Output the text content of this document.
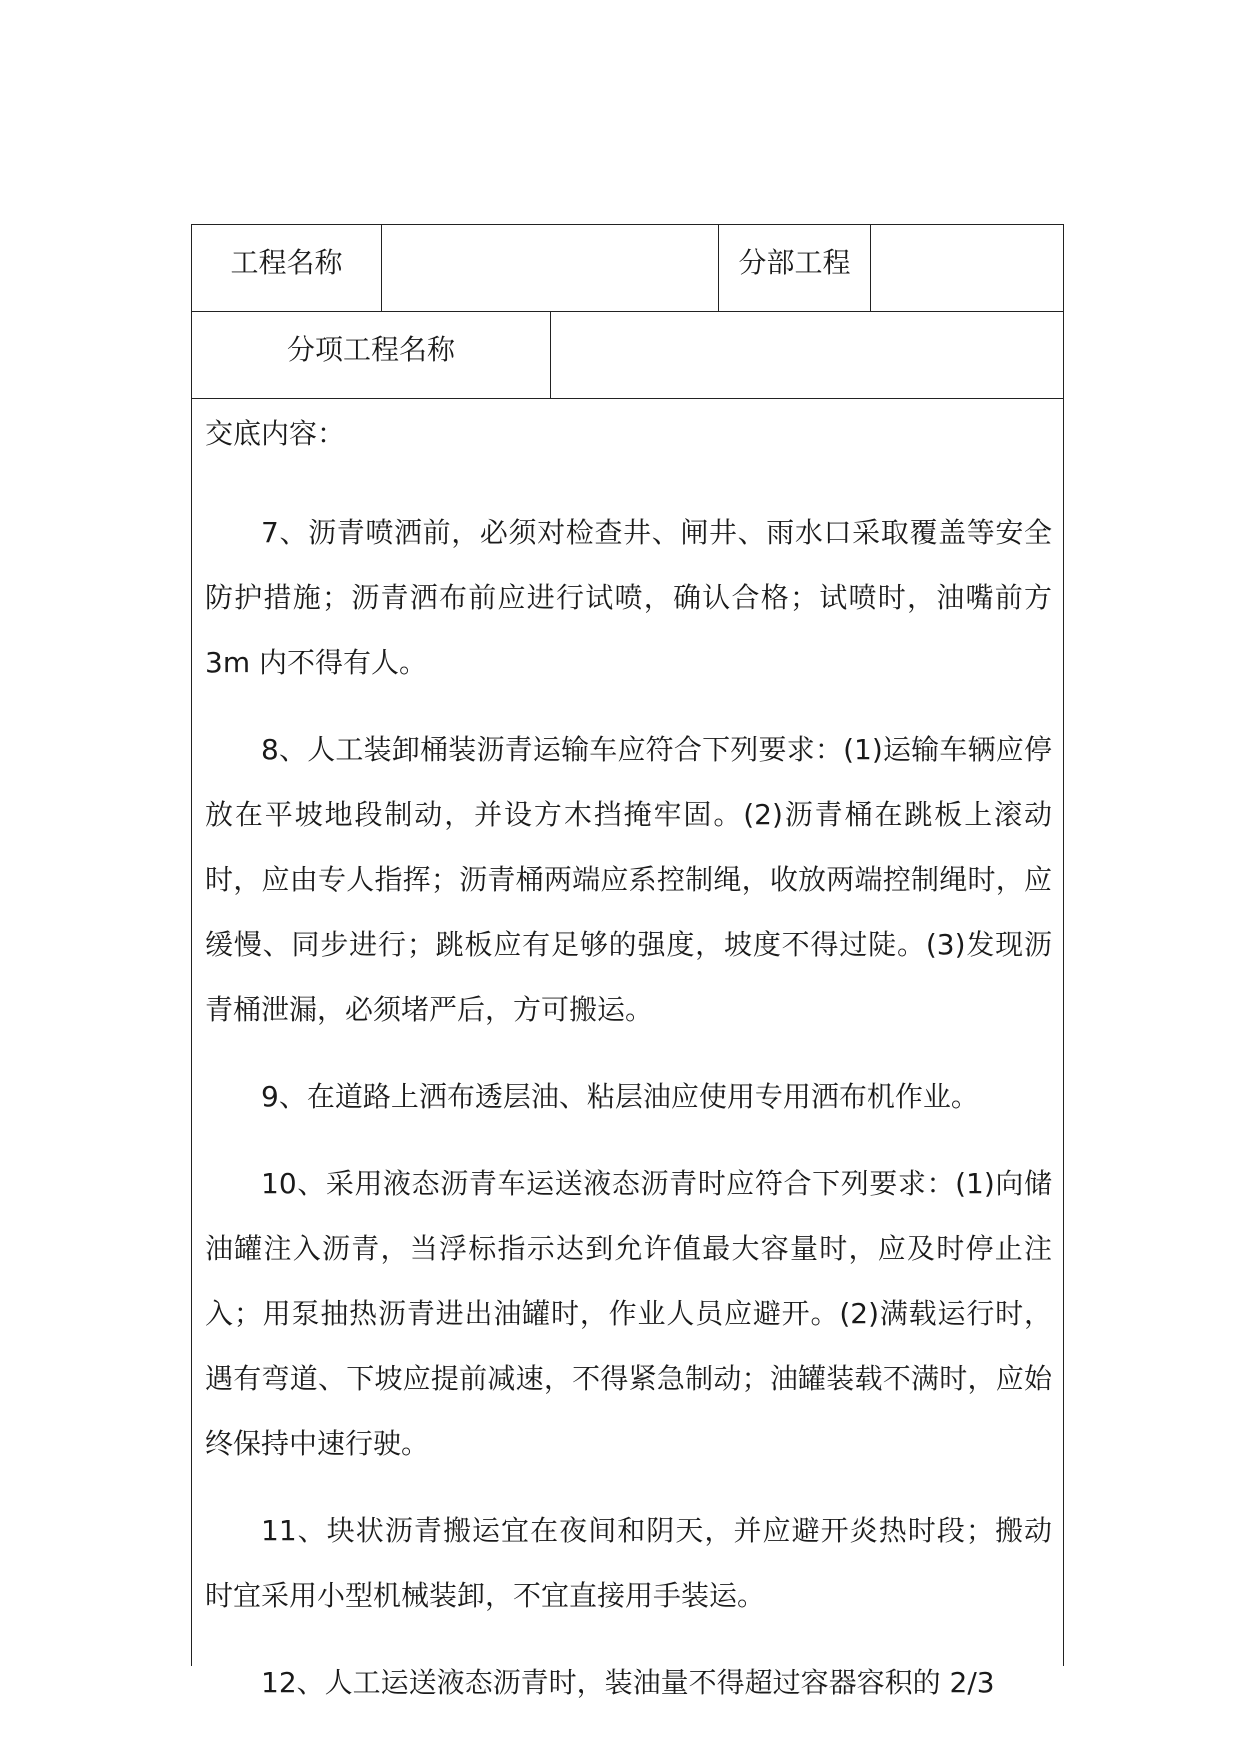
工程名称	分部工程
分项工程名称
交底内容：

7、沥青喷洒前，必须对检查井、闸井、雨水口采取覆盖等安全防护措施；沥青洒布前应进行试喷，确认合格；试喷时，油嘴前方 3m 内不得有人。

8、人工装卸桶装沥青运输车应符合下列要求：(1)运输车辆应停放在平坡地段制动，并设方木挡掩牢固。(2)沥青桶在跳板上滚动时，应由专人指挥；沥青桶两端应系控制绳，收放两端控制绳时，应缓慢、同步进行；跳板应有足够的强度，坡度不得过陡。(3)发现沥青桶泄漏，必须堵严后，方可搬运。

9、在道路上洒布透层油、粘层油应使用专用洒布机作业。

10、采用液态沥青车运送液态沥青时应符合下列要求：(1)向储油罐注入沥青，当浮标指示达到允许值最大容量时，应及时停止注入；用泵抽热沥青进出油罐时，作业人员应避开。(2)满载运行时，遇有弯道、下坡应提前减速，不得紧急制动；油罐装载不满时，应始终保持中速行驶。

11、块状沥青搬运宜在夜间和阴天，并应避开炎热时段；搬动时宜采用小型机械装卸，不宜直接用手装运。

12、人工运送液态沥青时，装油量不得超过容器容积的 2/3
